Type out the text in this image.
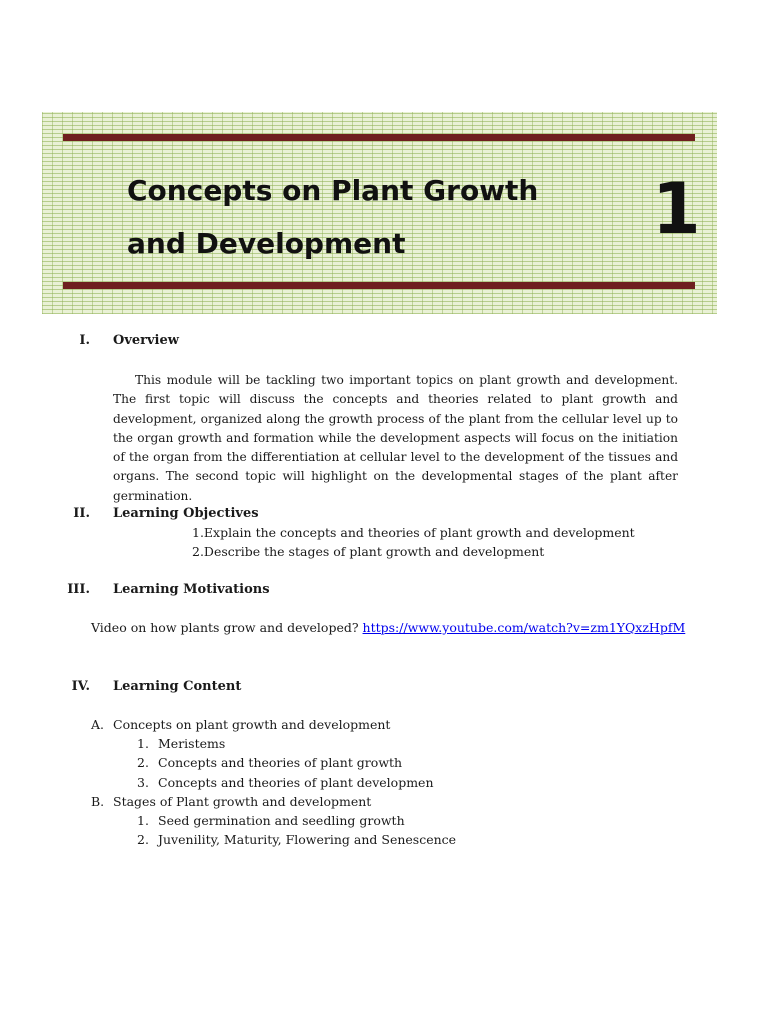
Concepts on Plant Growth
and Development	1
I. Overview

This module will be tackling two important topics on plant growth and development. The first topic will discuss the concepts and theories related to plant growth and development, organized along the growth process of the plant from the cellular level up to the organ growth and formation while the development aspects will focus on the initiation of the organ from the differentiation at cellular level to the development of the tissues and organs. The second topic will highlight on the developmental stages of the plant after germination.

II. Learning Objectives
1.Explain the concepts and theories of plant growth and development
2.Describe the stages of plant growth and development
III. Learning Motivations
Video on how plants grow and developed? https://www.youtube.com/watch?v=zm1YQxzHpfM
IV. Learning Content
A. Concepts on plant growth and development
1. Meristems
2. Concepts and theories of plant growth
3. Concepts and theories of plant developmen
B. Stages of Plant growth and development
1. Seed germination and seedling growth
2. Juvenility, Maturity, Flowering and Senescence
